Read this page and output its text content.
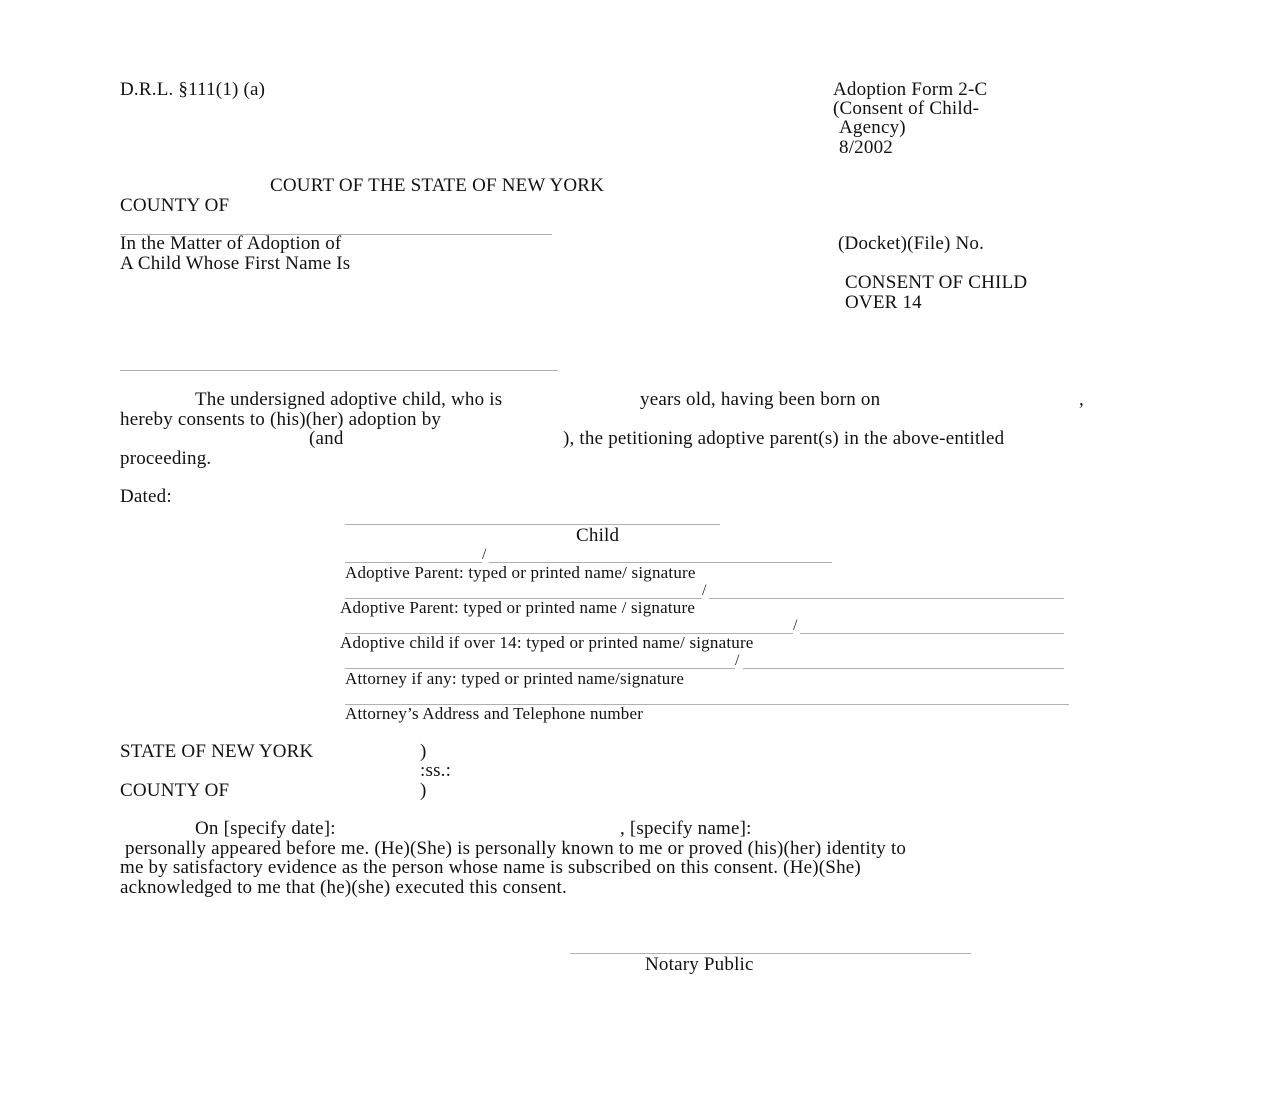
D.R.L. §111(1) (a)	Adoption Form 2-C
(Consent of Child-
Agency)
8/2002
COURT OF THE STATE OF NEW YORK
COUNTY OF
In the Matter of Adoption of
A Child Whose First Name Is
(Docket)(File) No.
CONSENT OF CHILD
OVER 14
The undersigned adoptive child, who is	years old, having been born on	,
hereby consents to (his)(her) adoption by
(and	), the petitioning adoptive parent(s) in the above-entitled
proceeding.
Dated:
Child
/
Adoptive Parent: typed or printed name/ signature
/
Adoptive Parent: typed or printed name / signature
/
Adoptive child if over 14: typed or printed name/ signature
/
Attorney if any: typed or printed name/signature
Attorney’s Address and Telephone number
STATE OF NEW YORK	)
:ss.:
COUNTY OF	)
On [specify date]:	, [specify name]:
personally appeared before me. (He)(She) is personally known to me or proved (his)(her) identity to
me by satisfactory evidence as the person whose name is subscribed on this consent. (He)(She)
acknowledged to me that (he)(she) executed this consent.
Notary Public
